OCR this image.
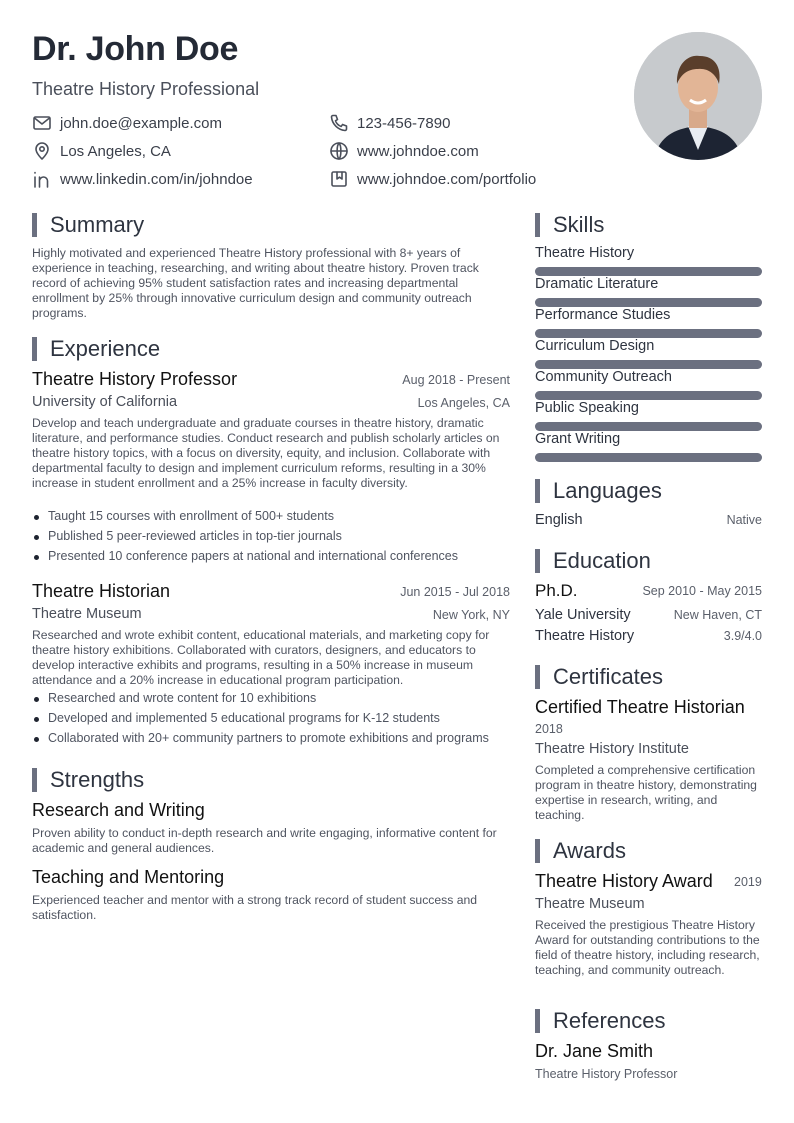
Dr. John Doe
Theatre History Professional
john.doe@example.com	123-456-7890
Los Angeles, CA	www.johndoe.com
www.linkedin.com/in/johndoe	www.johndoe.com/portfolio
Summary
Highly motivated and experienced Theatre History professional with 8+ years of experience in teaching, researching, and writing about theatre history. Proven track record of achieving 95% student satisfaction rates and increasing departmental enrollment by 25% through innovative curriculum design and community outreach programs.
Experience
Theatre History Professor	Aug 2018 - Present
University of California	Los Angeles, CA
Develop and teach undergraduate and graduate courses in theatre history, dramatic literature, and performance studies. Conduct research and publish scholarly articles on theatre history topics, with a focus on diversity, equity, and inclusion. Collaborate with departmental faculty to design and implement curriculum reforms, resulting in a 30% increase in student enrollment and a 25% increase in faculty diversity.
Taught 15 courses with enrollment of 500+ students
Published 5 peer-reviewed articles in top-tier journals
Presented 10 conference papers at national and international conferences
Theatre Historian	Jun 2015 - Jul 2018
Theatre Museum	New York, NY
Researched and wrote exhibit content, educational materials, and marketing copy for theatre history exhibitions. Collaborated with curators, designers, and educators to develop interactive exhibits and programs, resulting in a 50% increase in museum attendance and a 20% increase in educational program participation.
Researched and wrote content for 10 exhibitions
Developed and implemented 5 educational programs for K-12 students
Collaborated with 20+ community partners to promote exhibitions and programs
Strengths
Research and Writing
Proven ability to conduct in-depth research and write engaging, informative content for academic and general audiences.
Teaching and Mentoring
Experienced teacher and mentor with a strong track record of student success and satisfaction.
Skills
Theatre History
Dramatic Literature
Performance Studies
Curriculum Design
Community Outreach
Public Speaking
Grant Writing
Languages
English	Native
Education
Ph.D.	Sep 2010 - May 2015
Yale University	New Haven, CT
Theatre History	3.9/4.0
Certificates
Certified Theatre Historian
2018
Theatre History Institute
Completed a comprehensive certification program in theatre history, demonstrating expertise in research, writing, and teaching.
Awards
Theatre History Award 2019
Theatre Museum
Received the prestigious Theatre History Award for outstanding contributions to the field of theatre history, including research, teaching, and community outreach.
References
Dr. Jane Smith
Theatre History Professor
